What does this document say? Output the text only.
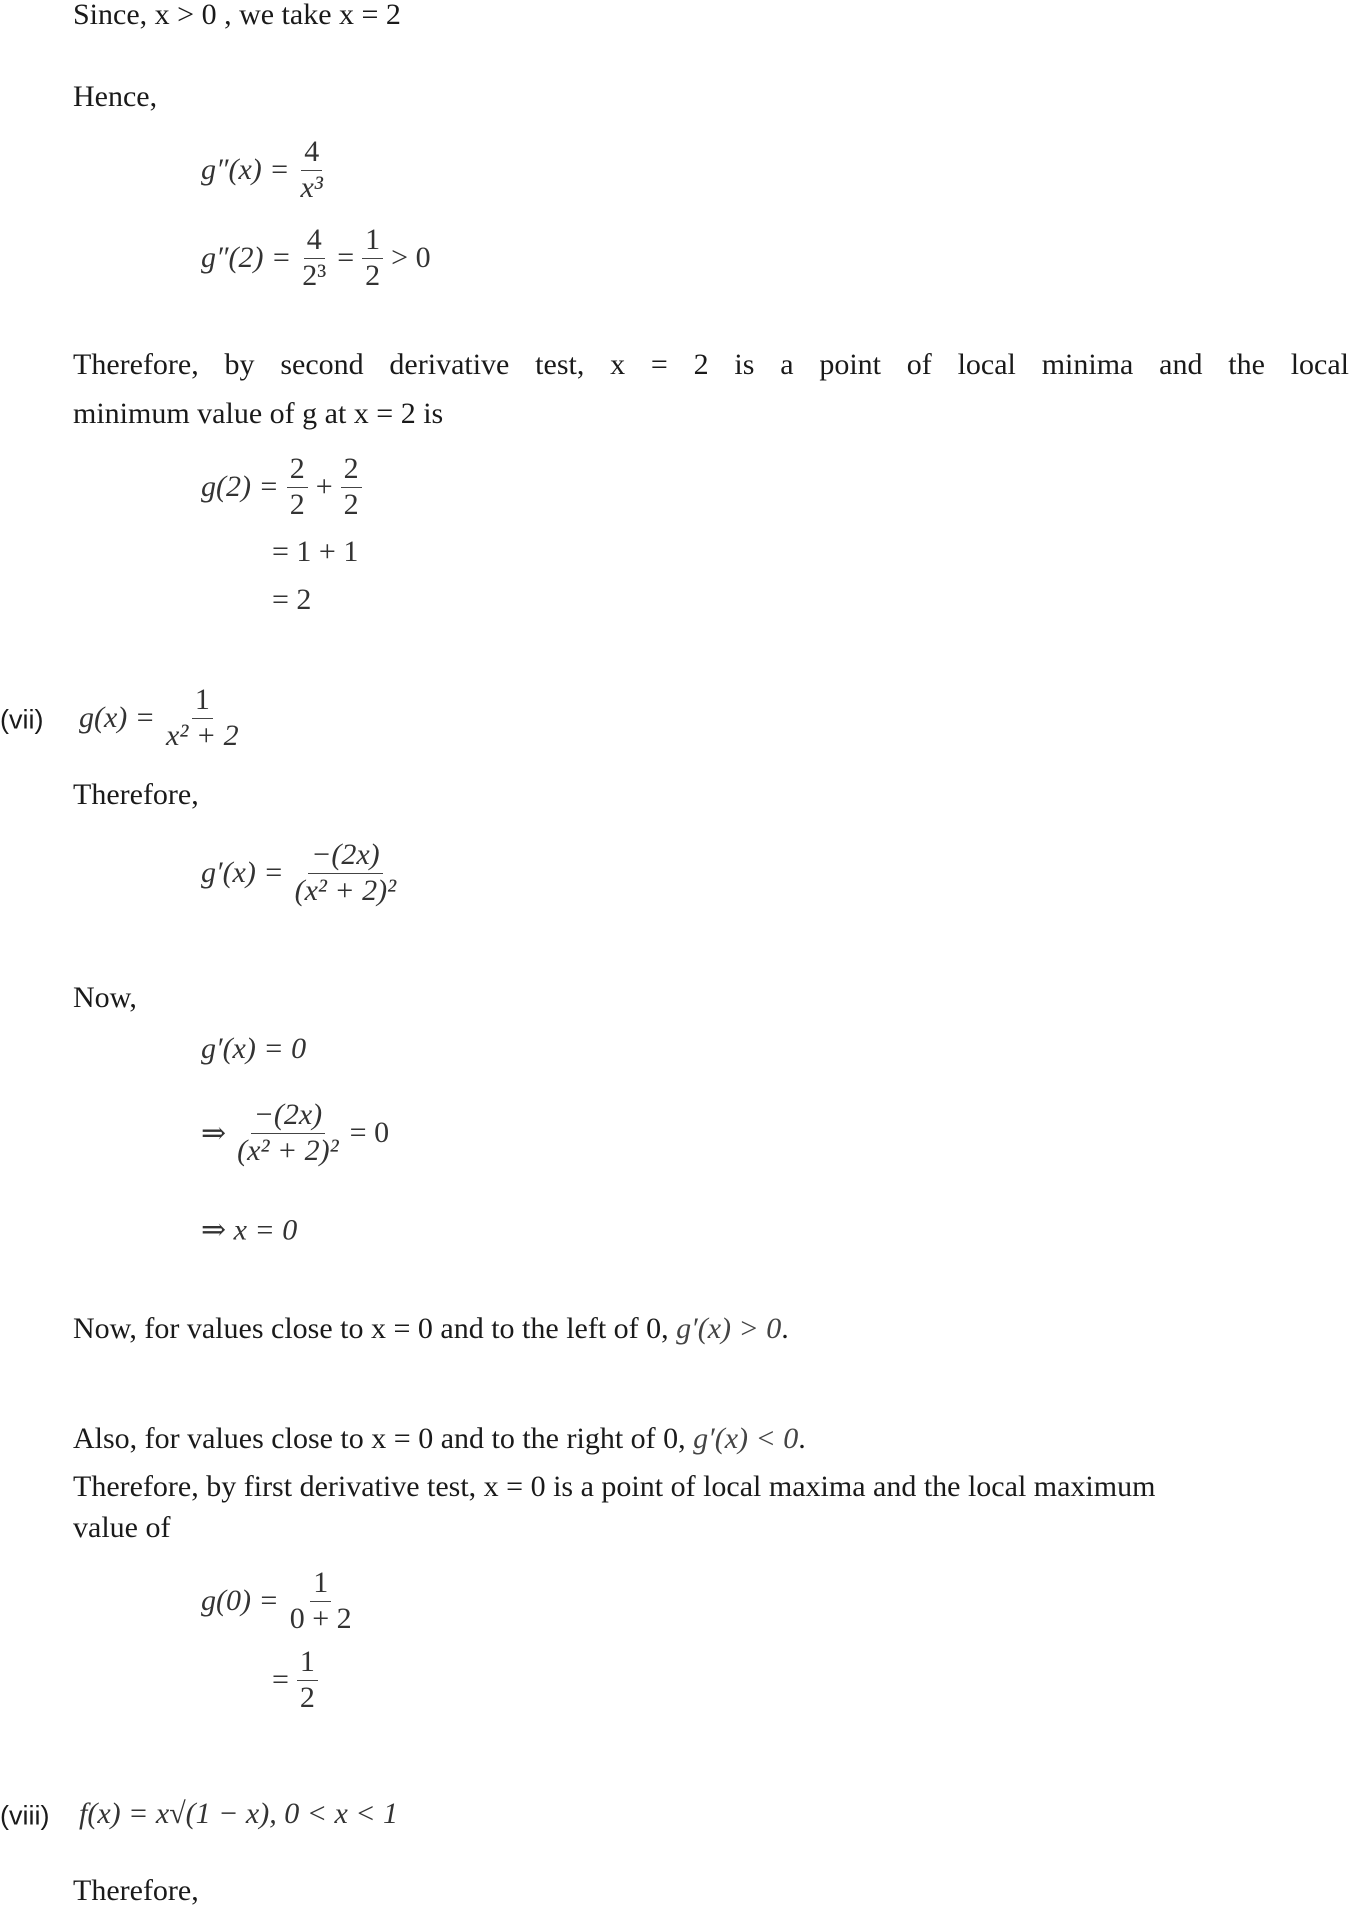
Since, x > 0 , we take x = 2
Hence,
$g''(x) = \frac{4}{\text{x³}}$
$g''(2) = \frac{4}{\text{2³}} = \frac{1}{2} > 0$
Therefore, by second derivative test, x = 2 is a point of local minima and the local
minimum value of g at x = 2 is
$g(2) = \frac{2}{2} + \frac{2}{2}$
= 1 + 1
= 2
(vii) $g(x) = \frac{1}{\text{x² + 2}}$
Therefore,
$g'(x) = \frac{-(2x)}{\text{(x² + 2)²}}$
Now,
g′(x) = 0
⇒ $\frac{-(2x)}{\text{(x² + 2)²}} = 0$
⇒ x = 0
Now, for values close to x = 0 and to the left of 0, g′(x) > 0.
Also, for values close to x = 0 and to the right of 0, g′(x) < 0.
Therefore, by first derivative test, x = 0 is a point of local maxima and the local maximum
value of
$g(0) = \frac{1}{0 + 2}$
= $\frac{1}{2}$
(viii) f(x) = x√(1 − x), 0 < x < 1
Therefore,
